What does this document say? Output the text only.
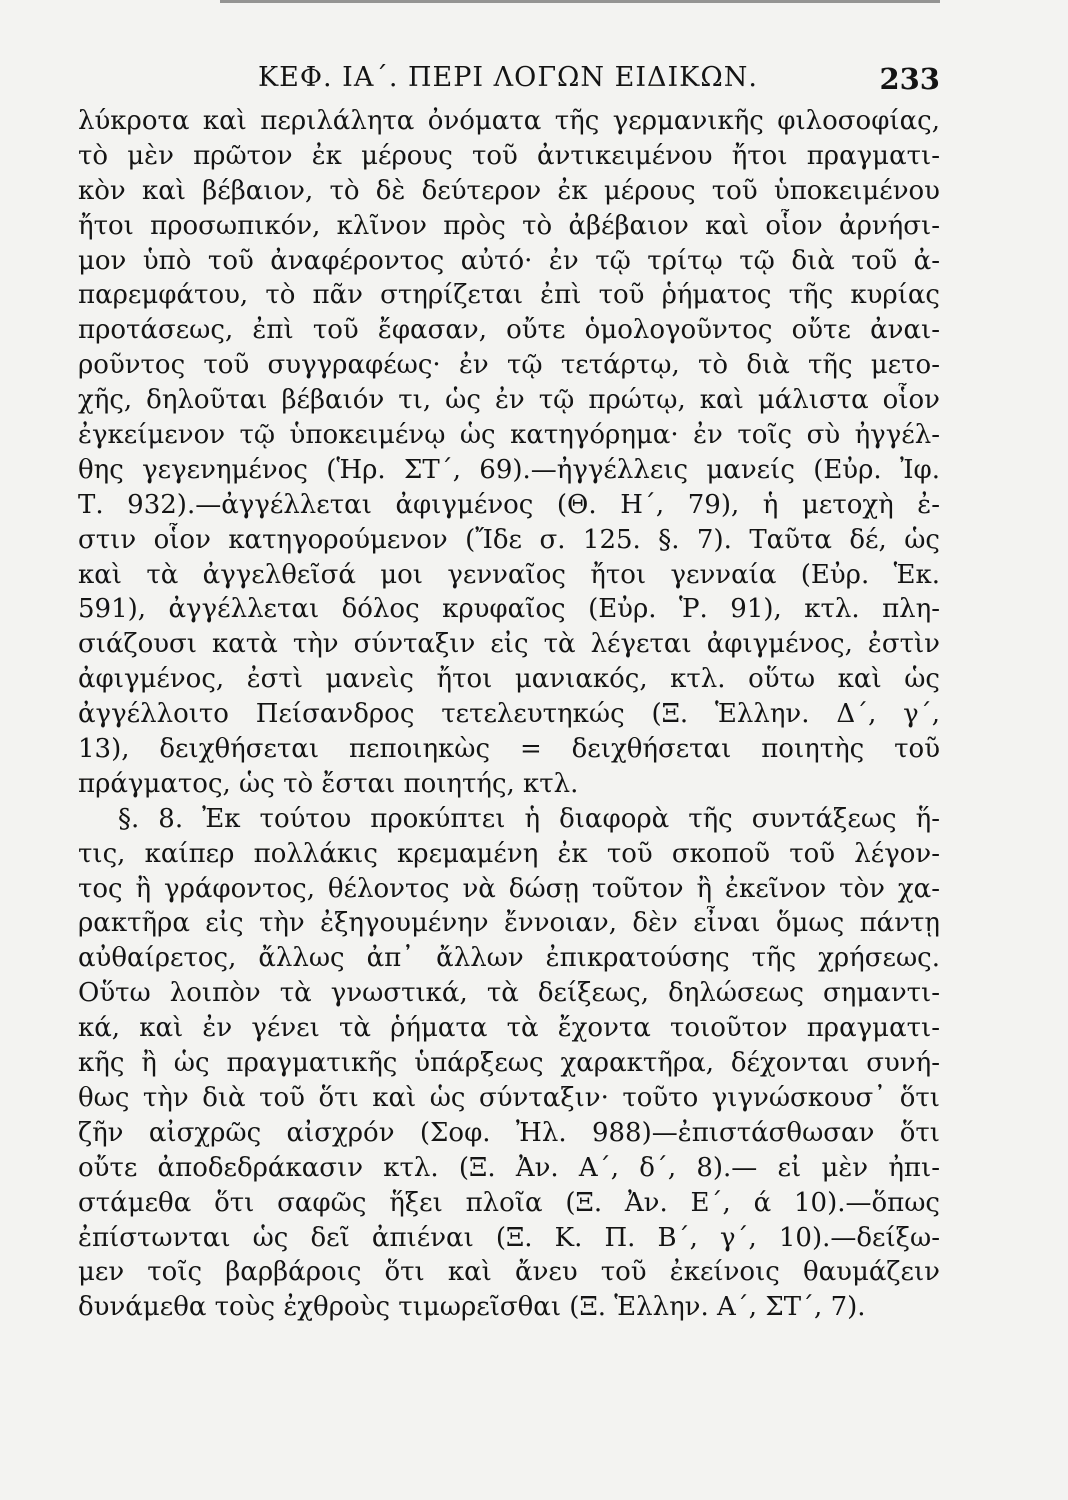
ΚΕΦ. ΙΑ΄. ΠΕΡΙ ΛΟΓΩΝ ΕΙΔΙΚΩΝ.	233
λύκροτα καὶ περιλάλητα ὀνόματα τῆς γερμανικῆς φιλοσοφίας,
τὸ μὲν πρῶτον ἐκ μέρους τοῦ ἀντικειμένου ἤτοι πραγματι-
κὸν καὶ βέβαιον, τὸ δὲ δεύτερον ἐκ μέρους τοῦ ὑποκειμένου
ἤτοι προσωπικόν, κλῖνον πρὸς τὸ ἀβέβαιον καὶ οἷον ἀρνήσι-
μον ὑπὸ τοῦ ἀναφέροντος αὐτό· ἐν τῷ τρίτῳ τῷ διὰ τοῦ ἀ-
παρεμφάτου, τὸ πᾶν στηρίζεται ἐπὶ τοῦ ῥήματος τῆς κυρίας
προτάσεως, ἐπὶ τοῦ ἔφασαν, οὔτε ὁμολογοῦντος οὔτε ἀναι-
ροῦντος τοῦ συγγραφέως· ἐν τῷ τετάρτῳ, τὸ διὰ τῆς μετο-
χῆς, δηλοῦται βέβαιόν τι, ὡς ἐν τῷ πρώτῳ, καὶ μάλιστα οἷον
ἐγκείμενον τῷ ὑποκειμένῳ ὡς κατηγόρημα· ἐν τοῖς σὺ ἠγγέλ-
θης γεγενημένος (Ἡρ. ΣΤ΄, 69).—ἠγγέλλεις μανείς (Εὐρ. Ἰφ.
Τ. 932).—ἀγγέλλεται ἀφιγμένος (Θ. Η΄, 79), ἡ μετοχὴ ἐ-
στιν οἷον κατηγορούμενον (Ἴδε σ. 125. §. 7). Ταῦτα δέ, ὡς
καὶ τὰ ἀγγελθεῖσά μοι γενναῖος ἤτοι γενναία (Εὐρ. Ἑκ.
591), ἀγγέλλεται δόλος κρυφαῖος (Εὐρ. Ῥ. 91), κτλ. πλη-
σιάζουσι κατὰ τὴν σύνταξιν εἰς τὰ λέγεται ἀφιγμένος, ἐστὶν
ἀφιγμένος, ἐστὶ μανεὶς ἤτοι μανιακός, κτλ. οὕτω καὶ ὡς
ἀγγέλλοιτο Πείσανδρος τετελευτηκώς (Ξ. Ἑλλην. Δ΄, γ΄,
13), δειχθήσεται πεποιηκὼς = δειχθήσεται ποιητὴς τοῦ
πράγματος, ὡς τὸ ἔσται ποιητής, κτλ.
§. 8. Ἐκ τούτου προκύπτει ἡ διαφορὰ τῆς συντάξεως ἥ-
τις, καίπερ πολλάκις κρεμαμένη ἐκ τοῦ σκοποῦ τοῦ λέγον-
τος ἢ γράφοντος, θέλοντος νὰ δώσῃ τοῦτον ἢ ἐκεῖνον τὸν χα-
ρακτῆρα εἰς τὴν ἐξηγουμένην ἔννοιαν, δὲν εἶναι ὅμως πάντῃ
αὐθαίρετος, ἄλλως ἀπ᾽ ἄλλων ἐπικρατούσης τῆς χρήσεως.
Οὕτω λοιπὸν τὰ γνωστικά, τὰ δείξεως, δηλώσεως σημαντι-
κά, καὶ ἐν γένει τὰ ῥήματα τὰ ἔχοντα τοιοῦτον πραγματι-
κῆς ἢ ὡς πραγματικῆς ὑπάρξεως χαρακτῆρα, δέχονται συνή-
θως τὴν διὰ τοῦ ὅτι καὶ ὡς σύνταξιν· τοῦτο γιγνώσκουσ᾽ ὅτι
ζῆν αἰσχρῶς αἰσχρόν (Σοφ. Ἠλ. 988)—ἐπιστάσθωσαν ὅτι
οὔτε ἀποδεδράκασιν κτλ. (Ξ. Ἀν. Α΄, δ΄, 8).— εἰ μὲν ἠπι-
στάμεθα ὅτι σαφῶς ἥξει πλοῖα (Ξ. Ἀν. Ε΄, ά 10).—ὅπως
ἐπίστωνται ὡς δεῖ ἀπιέναι (Ξ. Κ. Π. Β΄, γ΄, 10).—δείξω-
μεν τοῖς βαρβάροις ὅτι καὶ ἄνευ τοῦ ἐκείνοις θαυμάζειν
δυνάμεθα τοὺς ἐχθροὺς τιμωρεῖσθαι (Ξ. Ἑλλην. Α΄, ΣΤ΄, 7).
